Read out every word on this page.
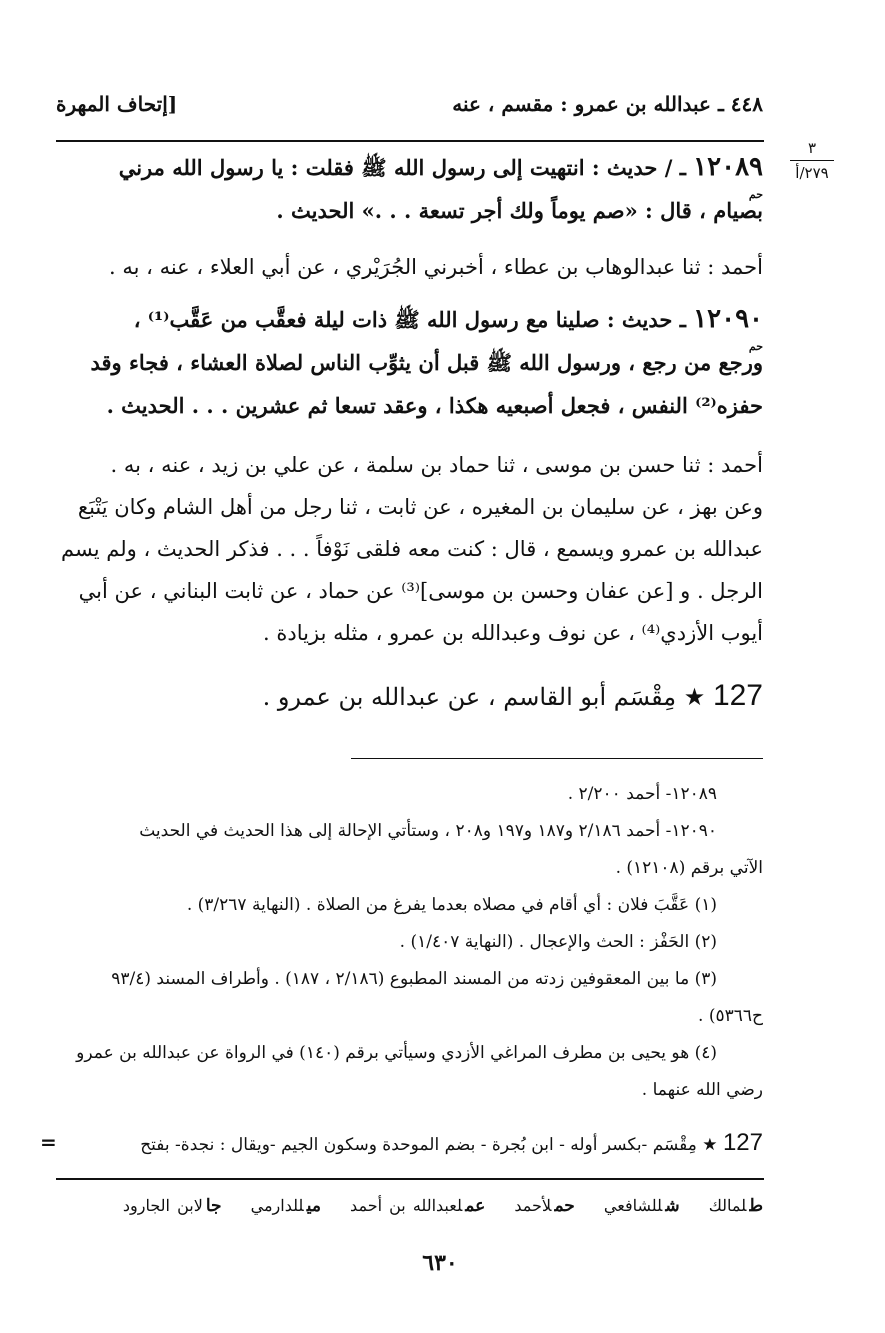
٤٤٨ ـ عبدالله بن عمرو : مقسم ، عنه
[إتحاف المهرة
٣
٢٧٩/أ
١٢٠٨٩ ـ / حديث : انتهيت إلى رسول الله ﷺ فقلت : يا رسول الله مرني
حم
بصيام ، قال : «صم يوماً ولك أجر تسعة . . .» الحديث .
أحمد : ثنا عبدالوهاب بن عطاء ، أخبرني الجُرَيْري ، عن أبي العلاء ، عنه ، به .
١٢٠٩٠ ـ حديث : صلينا مع رسول الله ﷺ ذات ليلة فعقَّب من عَقَّب⁽¹⁾ ،
حم
ورجع من رجع ، ورسول الله ﷺ قبل أن يثوِّب الناس لصلاة العشاء ، فجاء وقد
حفزه⁽²⁾ النفس ، فجعل أصبعيه هكذا ، وعقد تسعا ثم عشرين . . . الحديث .
أحمد : ثنا حسن بن موسى ، ثنا حماد بن سلمة ، عن علي بن زيد ، عنه ، به .
وعن بهز ، عن سليمان بن المغيره ، عن ثابت ، ثنا رجل من أهل الشام وكان يَتْبَع
عبدالله بن عمرو ويسمع ، قال : كنت معه فلقى نَوْفاً . . . فذكر الحديث ، ولم يسم
الرجل . و [عن عفان وحسن بن موسى]⁽³⁾ عن حماد ، عن ثابت البناني ، عن أبي
أيوب الأزدي⁽⁴⁾ ، عن نوف وعبدالله بن عمرو ، مثله بزيادة .
127 ★ مِقْسَم أبو القاسم ، عن عبدالله بن عمرو .
١٢٠٨٩- أحمد ٢/٢٠٠ .
١٢٠٩٠- أحمد ٢/١٨٦ و١٨٧ و١٩٧ و٢٠٨ ، وستأتي الإحالة إلى هذا الحديث في الحديث
الآتي برقم (١٢١٠٨) .
(١) عَقَّبَ فلان : أي أقام في مصلاه بعدما يفرغ من الصلاة . (النهاية ٣/٢٦٧) .
(٢) الحَفْز : الحث والإعجال . (النهاية ١/٤٠٧) .
(٣) ما بين المعقوفين زدته من المسند المطبوع (٢/١٨٦ ، ١٨٧) . وأطراف المسند (٩٣/٤
ح٥٣٦٦) .
(٤) هو يحيى بن مطرف المراغي الأزدي وسيأتي برقم (١٤٠) في الرواة عن عبدالله بن عمرو
رضي الله عنهما .
127 ★ مِقْسَم -بكسر أوله - ابن بُجرة - بضم الموحدة وسكون الجيم -ويقال : نجدة- بفتح
=
طلمالك شللشافعي حملأحمد عملعبدالله بن أحمد ميللدارمي جالابن الجارود
٦٣٠
